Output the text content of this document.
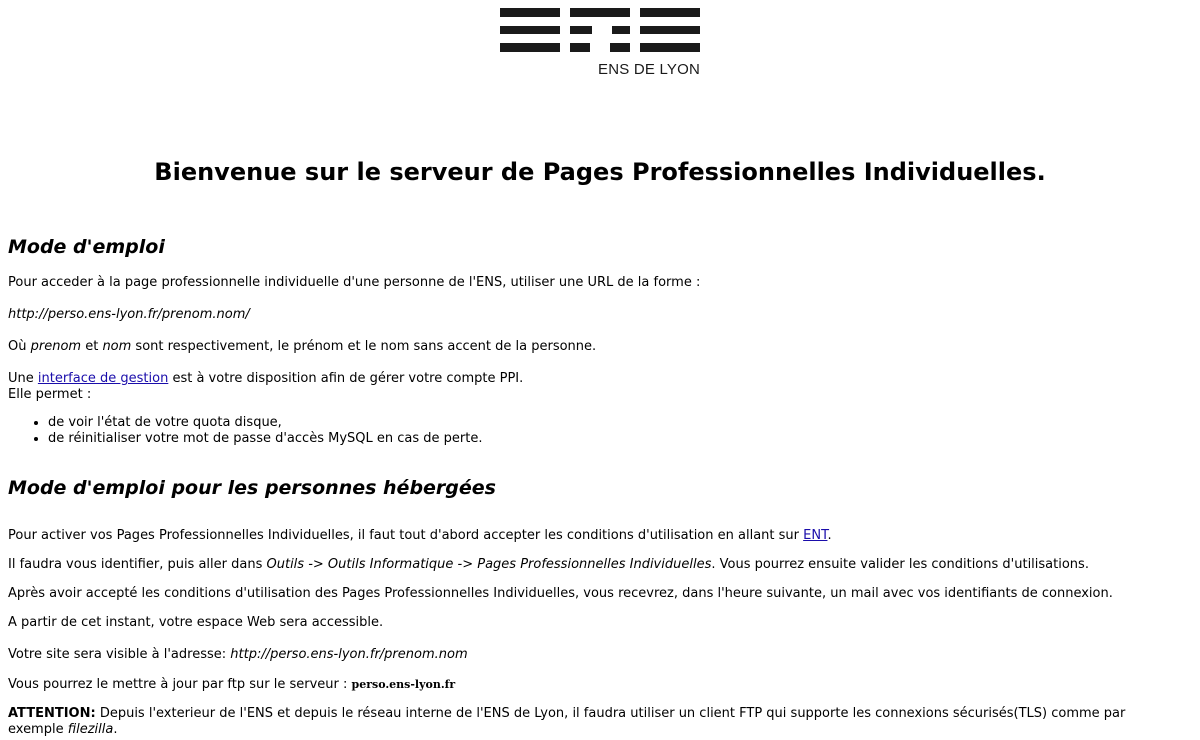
ENS DE LYON
Bienvenue sur le serveur de Pages Professionnelles Individuelles.
Mode d'emploi

Pour acceder à la page professionnelle individuelle d'une personne de l'ENS, utiliser une URL de la forme :

http://perso.ens-lyon.fr/prenom.nom/

Où prenom et nom sont respectivement, le prénom et le nom sans accent de la personne.

Une interface de gestion est à votre disposition afin de gérer votre compte PPI.
Elle permet :

• de voir l'état de votre quota disque,
• de réinitialiser votre mot de passe d'accès MySQL en cas de perte.
Mode d'emploi pour les personnes hébergées

Pour activer vos Pages Professionnelles Individuelles, il faut tout d'abord accepter les conditions d'utilisation en allant sur ENT.

Il faudra vous identifier, puis aller dans Outils -> Outils Informatique -> Pages Professionnelles Individuelles. Vous pourrez ensuite valider les conditions d'utilisations.

Après avoir accepté les conditions d'utilisation des Pages Professionnelles Individuelles, vous recevrez, dans l'heure suivante, un mail avec vos identifiants de connexion.

A partir de cet instant, votre espace Web sera accessible.

Votre site sera visible à l'adresse: http://perso.ens-lyon.fr/prenom.nom

Vous pourrez le mettre à jour par ftp sur le serveur : perso.ens-lyon.fr

ATTENTION: Depuis l'exterieur de l'ENS et depuis le réseau interne de l'ENS de Lyon, il faudra utiliser un client FTP qui supporte les connexions sécurisés(TLS) comme par exemple filezilla.
